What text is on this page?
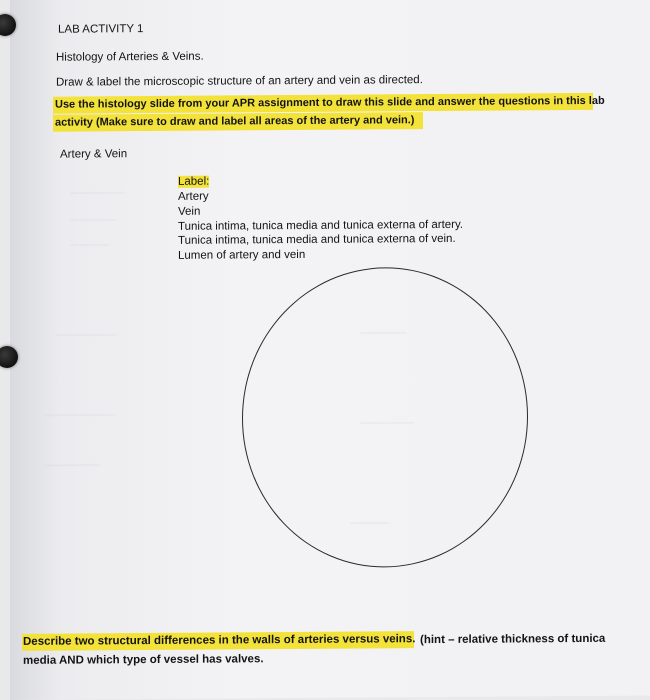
───────
──────
─────
────────
─────────
───────
──────
───────
─────
LAB ACTIVITY 1
Histology of Arteries & Veins.
Draw & label the microscopic structure of an artery and vein as directed.
Use the histology slide from your APR assignment to draw this slide and answer the questions in this lab
activity (Make sure to draw and label all areas of the artery and vein.)
Artery & Vein
Label:
Artery
Vein
Tunica intima, tunica media and tunica externa of artery.
Tunica intima, tunica media and tunica externa of vein.
Lumen of artery and vein
Describe two structural differences in the walls of arteries versus veins. (hint – relative thickness of tunica
media AND which type of vessel has valves.
